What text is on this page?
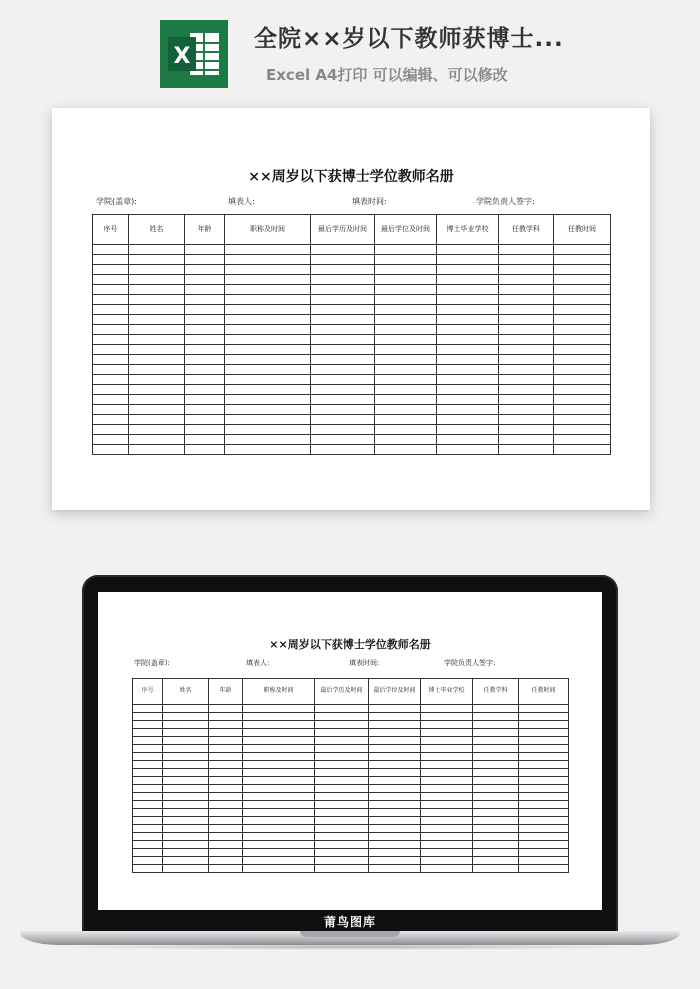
X
全院××岁以下教师获博士...
Excel A4打印 可以编辑、可以修改
××周岁以下获博士学位教师名册
学院(盖章):	填表人:	填表时间:	学院负责人签字:
序号	姓名	年龄	职称及时间	最后学历及时间	最后学位及时间	博士毕业学校	任教学科	任教时间

××周岁以下获博士学位教师名册
学院(盖章):	填表人:	填表时间:	学院负责人签字:
序号	姓名	年龄	职称及时间	最后学历及时间	最后学位及时间	博士毕业学校	任教学科	任教时间

莆鸟图库
